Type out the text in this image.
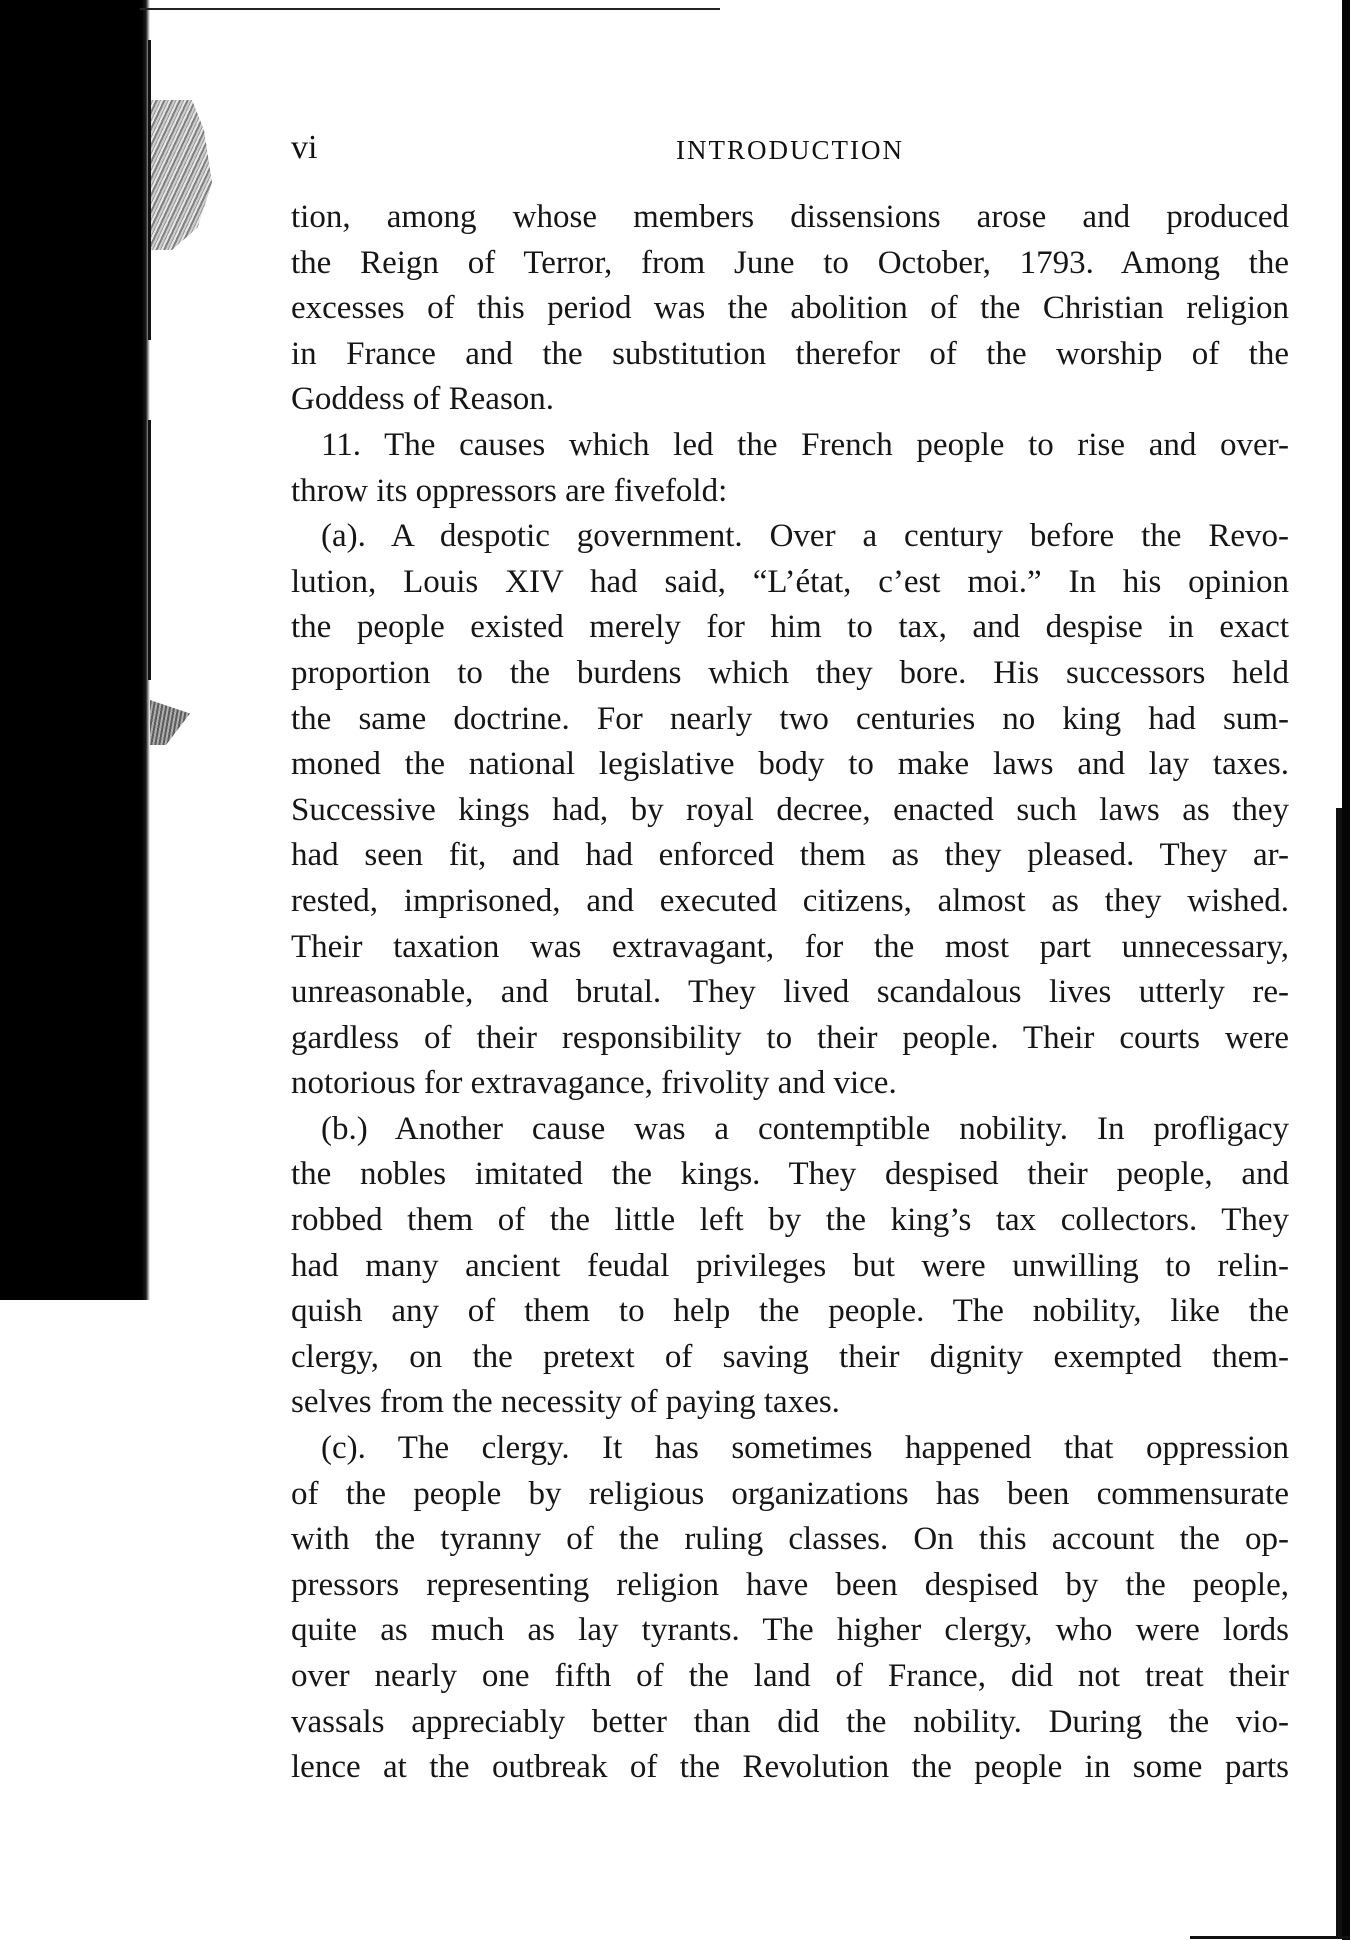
vi	INTRODUCTION
tion, among whose members dissensions arose and produced
the Reign of Terror, from June to October, 1793. Among the
excesses of this period was the abolition of the Christian religion
in France and the substitution therefor of the worship of the
Goddess of Reason.
11. The causes which led the French people to rise and over-
throw its oppressors are fivefold:
(a). A despotic government. Over a century before the Revo-
lution, Louis XIV had said, “L’état, c’est moi.” In his opinion
the people existed merely for him to tax, and despise in exact
proportion to the burdens which they bore. His successors held
the same doctrine. For nearly two centuries no king had sum-
moned the national legislative body to make laws and lay taxes.
Successive kings had, by royal decree, enacted such laws as they
had seen fit, and had enforced them as they pleased. They ar-
rested, imprisoned, and executed citizens, almost as they wished.
Their taxation was extravagant, for the most part unnecessary,
unreasonable, and brutal. They lived scandalous lives utterly re-
gardless of their responsibility to their people. Their courts were
notorious for extravagance, frivolity and vice.
(b.) Another cause was a contemptible nobility. In profligacy
the nobles imitated the kings. They despised their people, and
robbed them of the little left by the king’s tax collectors. They
had many ancient feudal privileges but were unwilling to relin-
quish any of them to help the people. The nobility, like the
clergy, on the pretext of saving their dignity exempted them-
selves from the necessity of paying taxes.
(c). The clergy. It has sometimes happened that oppression
of the people by religious organizations has been commensurate
with the tyranny of the ruling classes. On this account the op-
pressors representing religion have been despised by the people,
quite as much as lay tyrants. The higher clergy, who were lords
over nearly one fifth of the land of France, did not treat their
vassals appreciably better than did the nobility. During the vio-
lence at the outbreak of the Revolution the people in some parts
